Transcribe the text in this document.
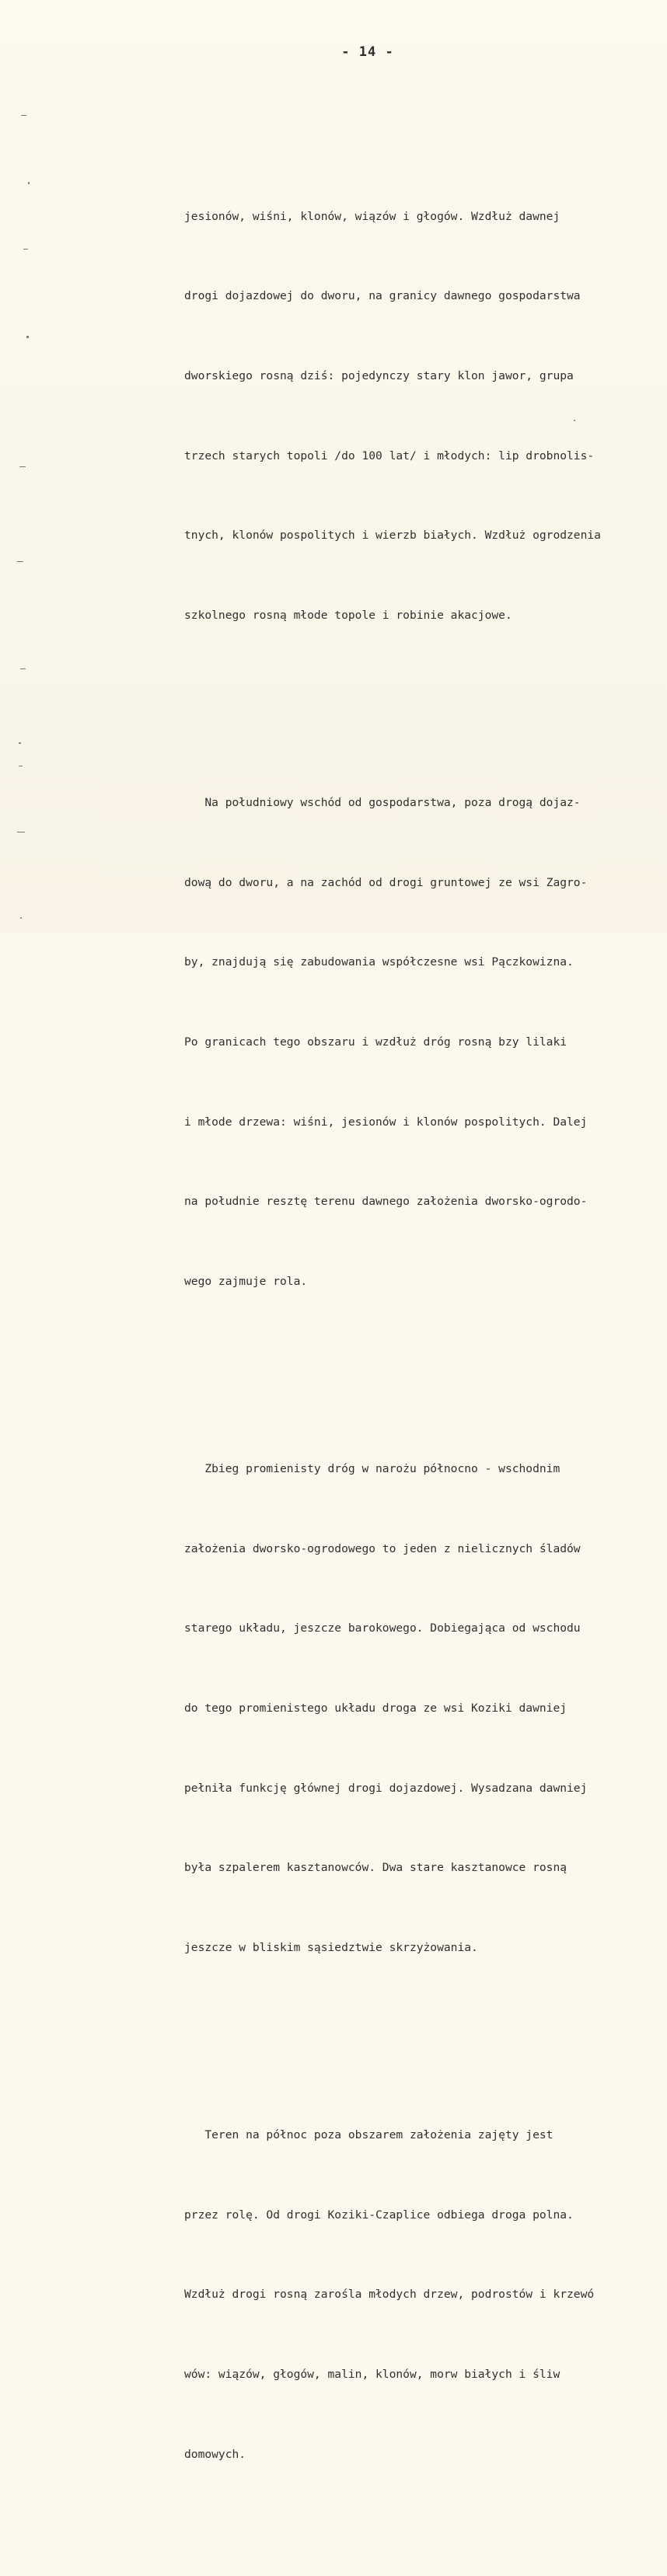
- 14 -

jesionów, wiśni, klonów, wiązów i głogów. Wzdłuż dawnej

drogi dojazdowej do dworu, na granicy dawnego gospodarstwa

dworskiego rosną dziś: pojedynczy stary klon jawor, grupa

trzech starych topoli /do 100 lat/ i młodych: lip drobnolis-

tnych, klonów pospolitych i wierzb białych. Wzdłuż ogrodzenia

szkolnego rosną młode topole i robinie akacjowe.

Na południowy wschód od gospodarstwa, poza drogą dojaz-

dową do dworu, a na zachód od drogi gruntowej ze wsi Zagro-

by, znajdują się zabudowania współczesne wsi Pączkowizna.

Po granicach tego obszaru i wzdłuż dróg rosną bzy lilaki

i młode drzewa: wiśni, jesionów i klonów pospolitych. Dalej

na południe resztę terenu dawnego założenia dworsko-ogrodo-

wego zajmuje rola.

Zbieg promienisty dróg w narożu północno - wschodnim

założenia dworsko-ogrodowego to jeden z nielicznych śladów

starego układu, jeszcze barokowego. Dobiegająca od wschodu

do tego promienistego układu droga ze wsi Koziki dawniej

pełniła funkcję głównej drogi dojazdowej. Wysadzana dawniej

była szpalerem kasztanowców. Dwa stare kasztanowce rosną

jeszcze w bliskim sąsiedztwie skrzyżowania.

Teren na północ poza obszarem założenia zajęty jest

przez rolę. Od drogi Koziki-Czaplice odbiega droga polna.

Wzdłuż drogi rosną zarośla młodych drzew, podrostów i krzewó

wów: wiązów, głogów, malin, klonów, morw białych i śliw

domowych.
